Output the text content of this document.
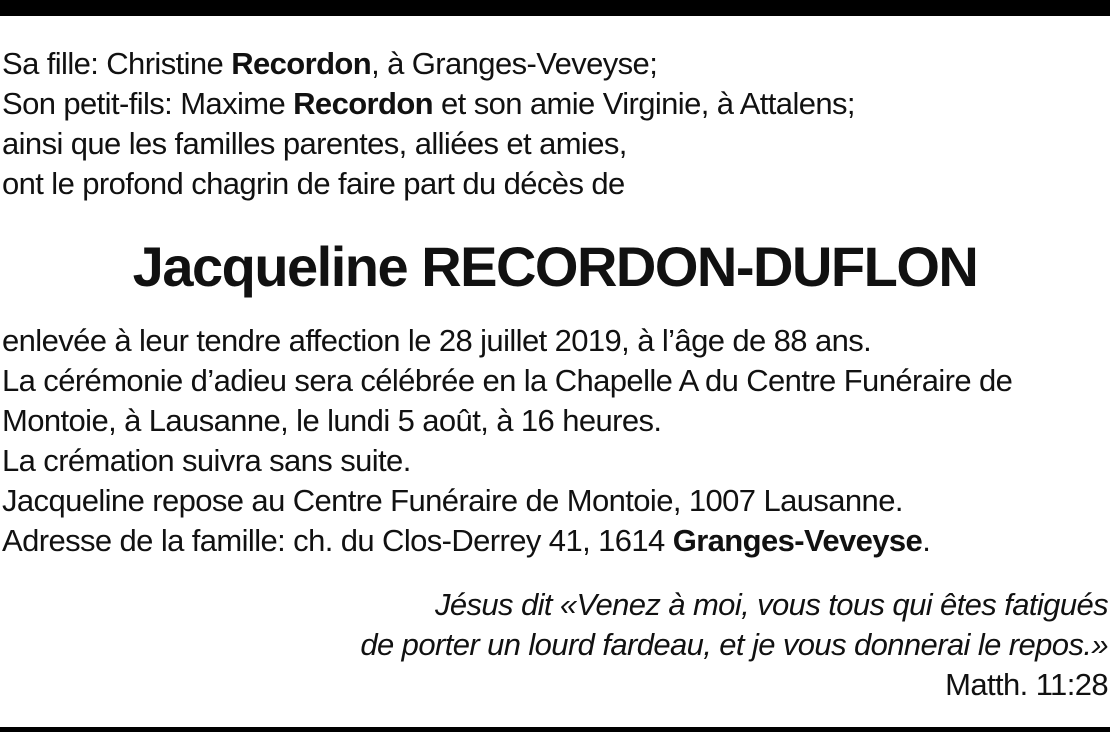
Sa fille: Christine Recordon, à Granges-Veveyse;
Son petit-fils: Maxime Recordon et son amie Virginie, à Attalens;
ainsi que les familles parentes, alliées et amies,
ont le profond chagrin de faire part du décès de
Jacqueline RECORDON-DUFLON
enlevée à leur tendre affection le 28 juillet 2019, à l’âge de 88 ans.
La cérémonie d’adieu sera célébrée en la Chapelle A du Centre Funéraire de
Montoie, à Lausanne, le lundi 5 août, à 16 heures.
La crémation suivra sans suite.
Jacqueline repose au Centre Funéraire de Montoie, 1007 Lausanne.
Adresse de la famille: ch. du Clos-Derrey 41, 1614 Granges-Veveyse.
Jésus dit «Venez à moi, vous tous qui êtes fatigués
de porter un lourd fardeau, et je vous donnerai le repos.»
Matth. 11:28
